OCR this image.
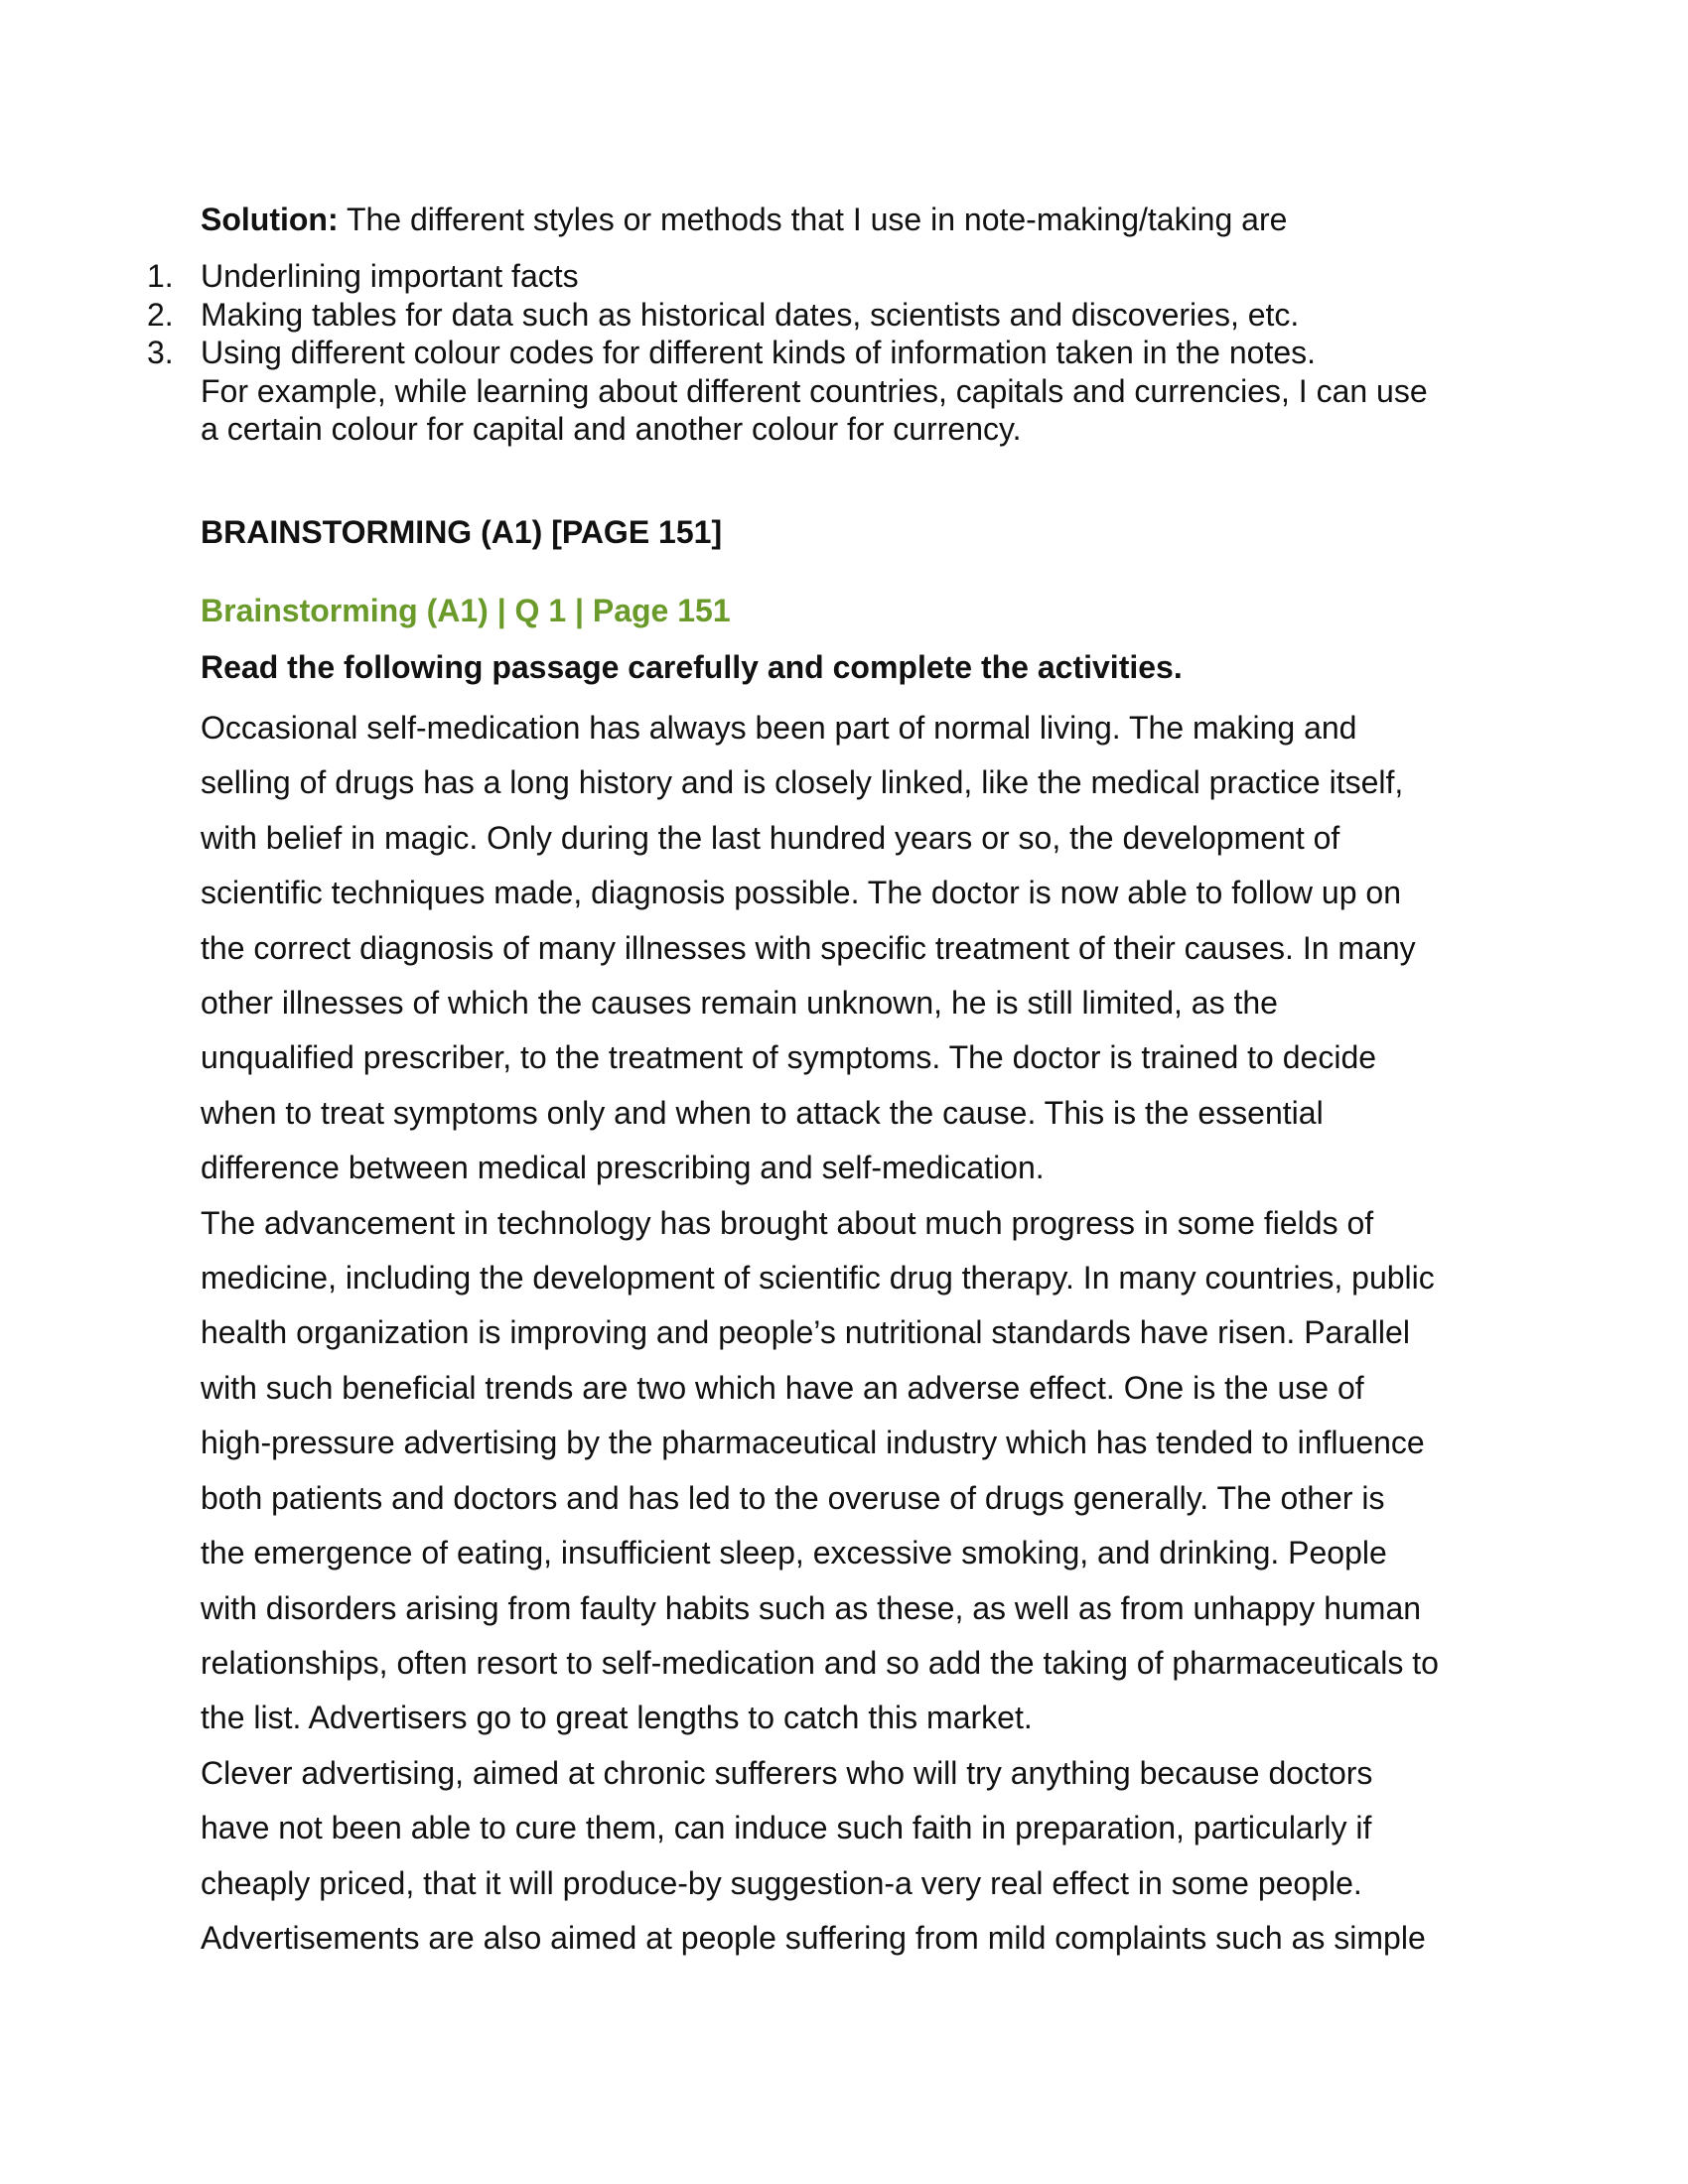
Solution: The different styles or methods that I use in note-making/taking are

1. Underlining important facts
2. Making tables for data such as historical dates, scientists and discoveries, etc.
3. Using different colour codes for different kinds of information taken in the notes.
For example, while learning about different countries, capitals and currencies, I can use
a certain colour for capital and another colour for currency.
BRAINSTORMING (A1) [PAGE 151]
Brainstorming (A1) | Q 1 | Page 151

Read the following passage carefully and complete the activities.

Occasional self-medication has always been part of normal living. The making and

selling of drugs has a long history and is closely linked, like the medical practice itself,

with belief in magic. Only during the last hundred years or so, the development of

scientific techniques made, diagnosis possible. The doctor is now able to follow up on

the correct diagnosis of many illnesses with specific treatment of their causes. In many

other illnesses of which the causes remain unknown, he is still limited, as the

unqualified prescriber, to the treatment of symptoms. The doctor is trained to decide

when to treat symptoms only and when to attack the cause. This is the essential

difference between medical prescribing and self-medication.

The advancement in technology has brought about much progress in some fields of

medicine, including the development of scientific drug therapy. In many countries, public

health organization is improving and people’s nutritional standards have risen. Parallel

with such beneficial trends are two which have an adverse effect. One is the use of

high-pressure advertising by the pharmaceutical industry which has tended to influence

both patients and doctors and has led to the overuse of drugs generally. The other is

the emergence of eating, insufficient sleep, excessive smoking, and drinking. People

with disorders arising from faulty habits such as these, as well as from unhappy human

relationships, often resort to self-medication and so add the taking of pharmaceuticals to

the list. Advertisers go to great lengths to catch this market.

Clever advertising, aimed at chronic sufferers who will try anything because doctors

have not been able to cure them, can induce such faith in preparation, particularly if

cheaply priced, that it will produce-by suggestion-a very real effect in some people.

Advertisements are also aimed at people suffering from mild complaints such as simple
